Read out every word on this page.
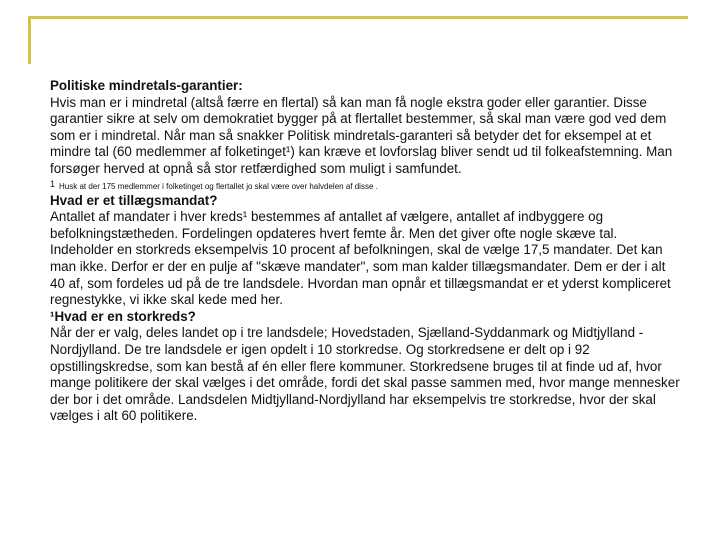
Politiske mindretals-garantier:

Hvis man er i mindretal (altså færre en flertal) så kan man få nogle ekstra goder eller garantier. Disse garantier sikre at selv om demokratiet bygger på at flertallet bestemmer, så skal man være god ved dem som er i mindretal. Når man så snakker Politisk mindretals-garanteri så betyder det for eksempel at et mindre tal (60 medlemmer af folketinget¹) kan kræve et lovforslag bliver sendt ud til folkeafstemning. Man forsøger herved at opnå så stor retfærdighed som muligt i samfundet.

$^1$ Husk at der 175 medlemmer i folketinget og flertallet jo skal være over halvdelen af disse .

Hvad er et tillægsmandat?

Antallet af mandater i hver kreds¹ bestemmes af antallet af vælgere, antallet af indbyggere og befolkningstætheden. Fordelingen opdateres hvert femte år. Men det giver ofte nogle skæve tal. Indeholder en storkreds eksempelvis 10 procent af befolkningen, skal de vælge 17,5 mandater. Det kan man ikke. Derfor er der en pulje af "skæve mandater", som man kalder tillægsmandater. Dem er der i alt 40 af, som fordeles ud på de tre landsdele. Hvordan man opnår et tillægsmandat er et yderst kompliceret regnestykke, vi ikke skal kede med her.

¹Hvad er en storkreds?

Når der er valg, deles landet op i tre landsdele; Hovedstaden, Sjælland-Syddanmark og Midtjylland -Nordjylland. De tre landsdele er igen opdelt i 10 storkredse. Og storkredsene er delt op i 92 opstillingskredse, som kan bestå af én eller flere kommuner. Storkredsene bruges til at finde ud af, hvor mange politikere der skal vælges i det område, fordi det skal passe sammen med, hvor mange mennesker der bor i det område. Landsdelen Midtjylland-Nordjylland har eksempelvis tre storkredse, hvor der skal vælges i alt 60 politikere.
